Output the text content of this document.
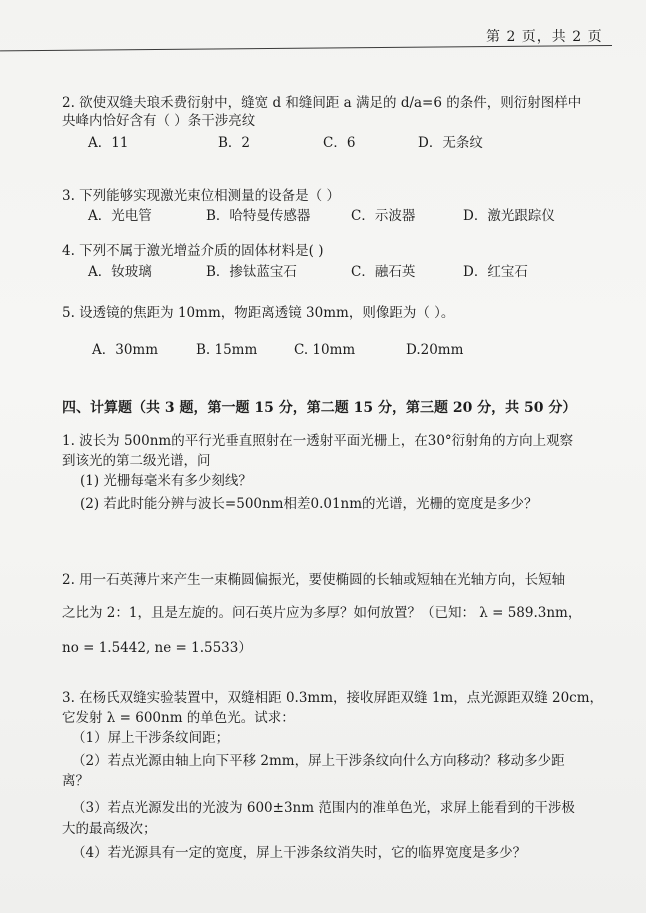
第 2 页，共 2 页
2. 欲使双缝夫琅禾费衍射中，缝宽 d 和缝间距 a 满足的 d/a=6 的条件，则衍射图样中
央峰内恰好含有（ ）条干涉亮纹
A．11	B．2	C．6	D．无条纹
3. 下列能够实现激光束位相测量的设备是（ ）
A．光电管	B．哈特曼传感器	C．示波器	D．激光跟踪仪
4. 下列不属于激光增益介质的固体材料是( )
A．钕玻璃	B．掺钛蓝宝石	C．融石英	D．红宝石
5. 设透镜的焦距为 10mm，物距离透镜 30mm，则像距为（ ）。
A．30mm	B. 15mm	C. 10mm	D.20mm
四、计算题（共 3 题，第一题 15 分，第二题 15 分，第三题 20 分，共 50 分）
1. 波长为 500nm的平行光垂直照射在一透射平面光栅上，在30°衍射角的方向上观察
到该光的第二级光谱，问
(1) 光栅每毫米有多少刻线？
(2) 若此时能分辨与波长=500nm相差0.01nm的光谱，光栅的宽度是多少？
2. 用一石英薄片来产生一束椭圆偏振光，要使椭圆的长轴或短轴在光轴方向，长短轴
之比为 2：1，且是左旋的。问石英片应为多厚？如何放置？（已知： λ = 589.3nm，
no = 1.5442, ne = 1.5533）
3. 在杨氏双缝实验装置中，双缝相距 0.3mm，接收屏距双缝 1m，点光源距双缝 20cm，
它发射 λ = 600nm 的单色光。试求：
（1）屏上干涉条纹间距；
（2）若点光源由轴上向下平移 2mm，屏上干涉条纹向什么方向移动？移动多少距
离？
（3）若点光源发出的光波为 600±3nm 范围内的准单色光，求屏上能看到的干涉极
大的最高级次；
（4）若光源具有一定的宽度，屏上干涉条纹消失时，它的临界宽度是多少？
